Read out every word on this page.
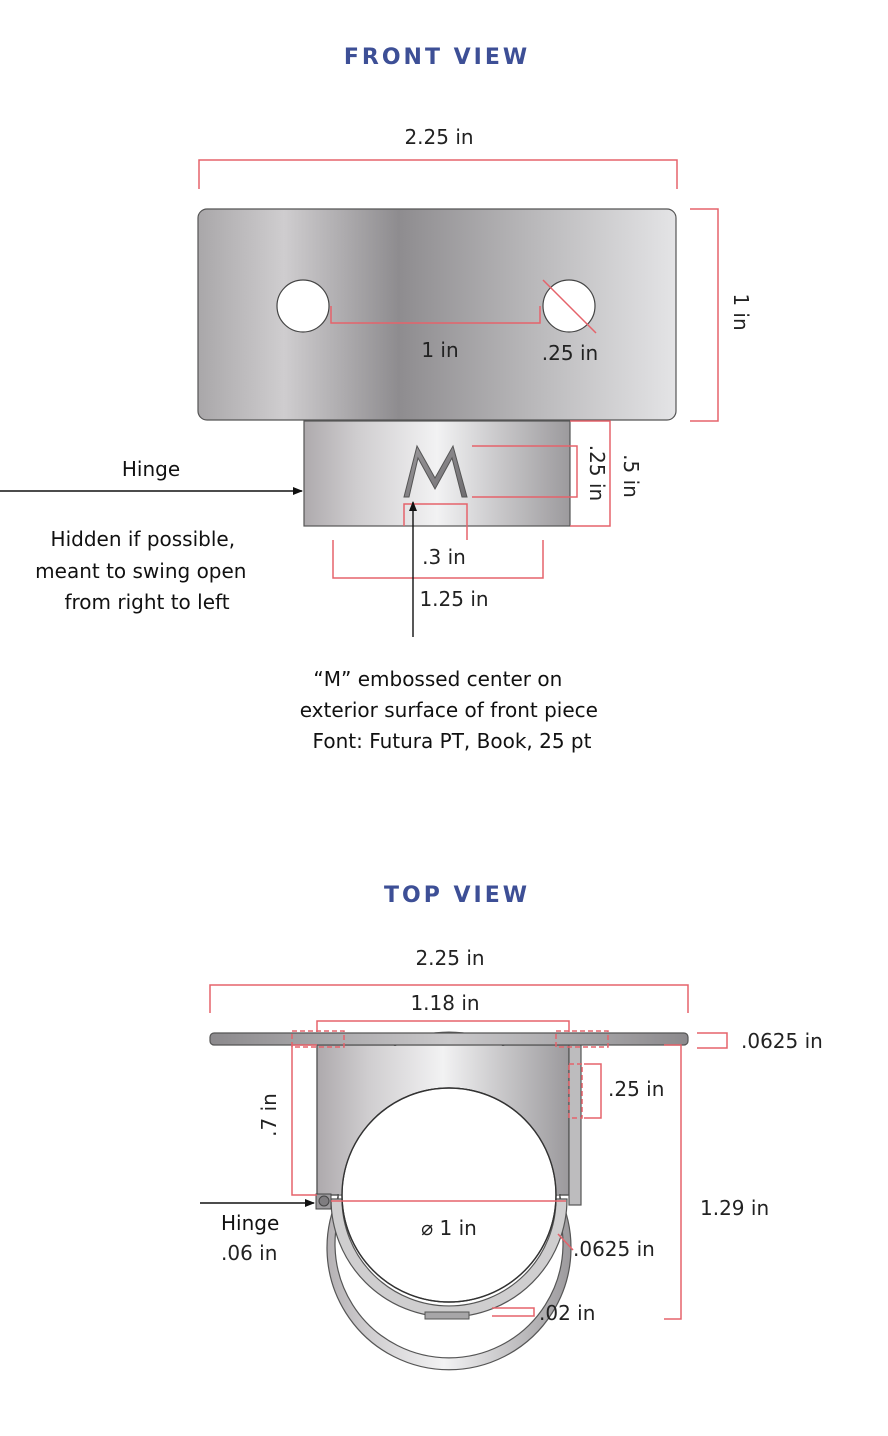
FRONT VIEW
2.25 in
1 in	.25 in
1 in
M
.25 in .5 in
.3 in
1.25 in
Hinge
Hidden if possible, meant to swing open from right to left
“M” embossed center on exterior surface of front piece Font: Futura PT, Book, 25 pt
TOP VIEW
2.25 in
1.18 in
.0625 in
.25 in
.7 in
1.29 in
⌀ 1 in
.0625 in
.02 in
Hinge
.06 in
